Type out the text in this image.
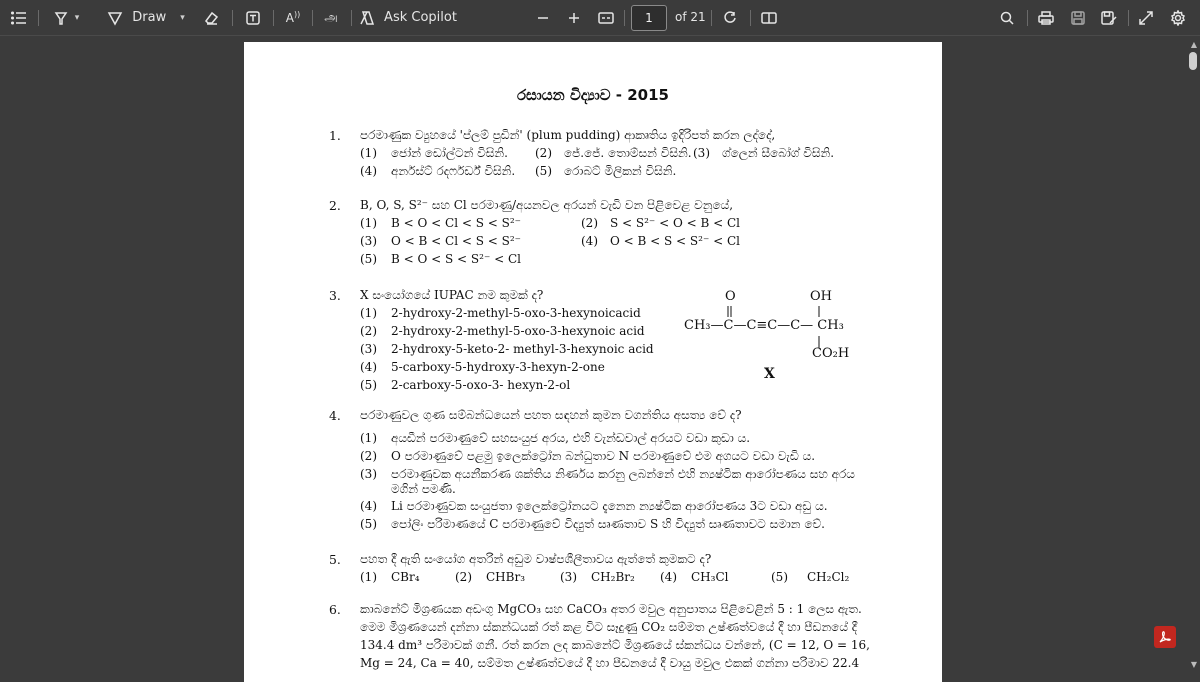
▾	Draw ▾	A)) அ	Ask Copilot	1	of 21
රසායන විද්‍යාව - 2015
1. පරමාණුක ව්‍යුහයේ 'ප්ලම් පුඩින්' (plum pudding) ආකෘතිය ඉදිරිපත් කරන ලද්දේ,
(1) ජෝන් ඩෝල්ටන් විසිනි. (2) ජේ.ජේ. තොම්සන් විසිනි. (3) ග්ලෙන් සීබෝග් විසිනි.
(4) අර්නස්ට් රදර්ෆර්ඩ් විසිනි. (5) රොබට් මිලිකන් විසිනි.
2. B, O, S, S²⁻ සහ Cl පරමාණු/අයනවල අරයන් වැඩි වන පිළිවෙළ වනුයේ,
(1) B < O < Cl < S < S²⁻	(2) S < S²⁻ < O < B < Cl
(3) O < B < Cl < S < S²⁻	(4) O < B < S < S²⁻ < Cl
(5) B < O < S < S²⁻ < Cl
3. X සංයෝගයේ IUPAC නම කුමක් ද?
(1) 2-hydroxy-2-methyl-5-oxo-3-hexynoicacid
(2) 2-hydroxy-2-methyl-5-oxo-3-hexynoic acid
(3) 2-hydroxy-5-keto-2- methyl-3-hexynoic acid
(4) 5-carboxy-5-hydroxy-3-hexyn-2-one
(5) 2-carboxy-5-oxo-3- hexyn-2-ol
O	OH
CH₃—C—C≡C—C— CH₃
CO₂H
X
4. පරමාණුවල ගුණ සම්බන්ධයෙන් පහත සඳහන් කුමන වගන්තිය අසත්‍ය වේ ද?
(1) අයඩීන් පරමාණුවේ සහසංයුජ අරය, එහි වැන්ඩවාල් අරයට වඩා කුඩා ය.
(2) O පරමාණුවේ පළමු ඉලෙක්ට්‍රෝන බන්ධුතාව N පරමාණුවේ එම අගයට වඩා වැඩි ය.
(3) පරමාණුවක අයනීකරණ ශක්තිය නිර්ණය කරනු ලබන්නේ එහි න්‍යෂ්ටික ආරෝපණය සහ අරය
මගින් පමණි.
(4) Li පරමාණුවක සංයුජතා ඉලෙක්ට්‍රෝනයට දැනෙන න්‍යෂ්ටික ආරෝපණය 3ට වඩා අඩු ය.
(5) පෝලිං පරිමාණයේ C පරමාණුවේ විද්‍යුත් සෘණතාව S හි විද්‍යුත් සෘණතාවට සමාන වේ.
5. පහත දී ඇති සංයෝග අතරින් අඩුම වාෂ්පශීලීතාවය ඇත්තේ කුමකට ද?
(1) CBr₄	(2) CHBr₃	(3) CH₂Br₂ (4) CH₃Cl	(5) CH₂Cl₂
6. කාබනේට් මිශ්‍රණයක අඩංගු MgCO₃ සහ CaCO₃ අතර මවුල අනුපාතය පිළිවෙළින් 5 : 1 ලෙස ඇත.
මෙම මිශ්‍රණයෙන් දන්නා ස්කන්ධයක් රත් කළ විට සෑදුණු CO₂ සම්මත උෂ්ණත්වයේ දී හා පීඩනයේ දී
134.4 dm³ පරිමාවක් ගනී. රත් කරන ලද කාබනේට් මිශ්‍රණයේ ස්කන්ධය වන්නේ, (C = 12, O = 16,
Mg = 24, Ca = 40, සම්මත උෂ්ණත්වයේ දී හා පීඩනයේ දී වායු මවුල එකක් ගන්නා පරිමාව 22.4
▲
▼
